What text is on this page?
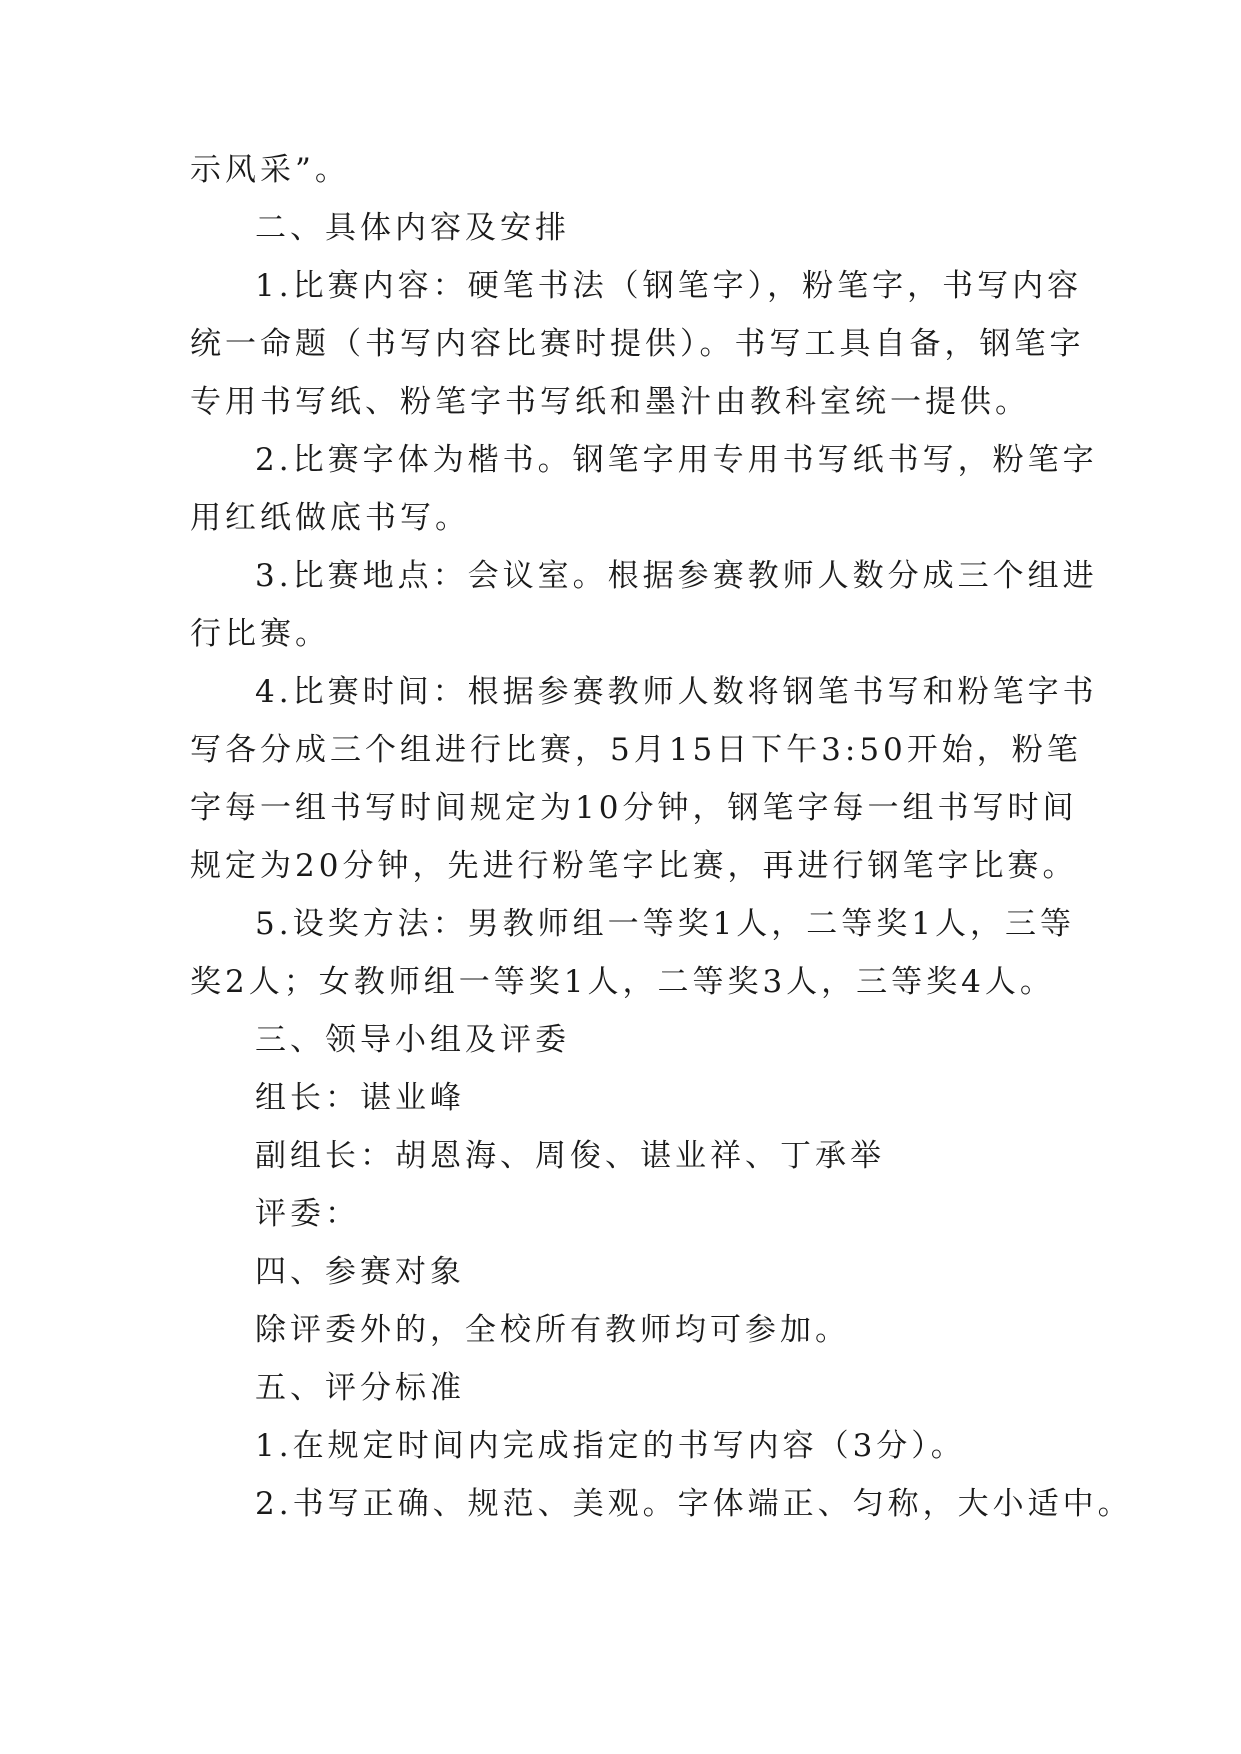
示风采”。
二、具体内容及安排
1.比赛内容：硬笔书法（钢笔字），粉笔字，书写内容
统一命题（书写内容比赛时提供）。书写工具自备，钢笔字
专用书写纸、粉笔字书写纸和墨汁由教科室统一提供。
2.比赛字体为楷书。钢笔字用专用书写纸书写，粉笔字
用红纸做底书写。
3.比赛地点：会议室。根据参赛教师人数分成三个组进
行比赛。
4.比赛时间：根据参赛教师人数将钢笔书写和粉笔字书
写各分成三个组进行比赛，5月15日下午3:50开始，粉笔
字每一组书写时间规定为10分钟，钢笔字每一组书写时间
规定为20分钟，先进行粉笔字比赛，再进行钢笔字比赛。
5.设奖方法：男教师组一等奖1人，二等奖1人，三等
奖2人；女教师组一等奖1人，二等奖3人，三等奖4人。
三、领导小组及评委
组长：谌业峰
副组长：胡恩海、周俊、谌业祥、丁承举
评委：
四、参赛对象
除评委外的，全校所有教师均可参加。
五、评分标准
1.在规定时间内完成指定的书写内容（3分）。
2.书写正确、规范、美观。字体端正、匀称，大小适中。
